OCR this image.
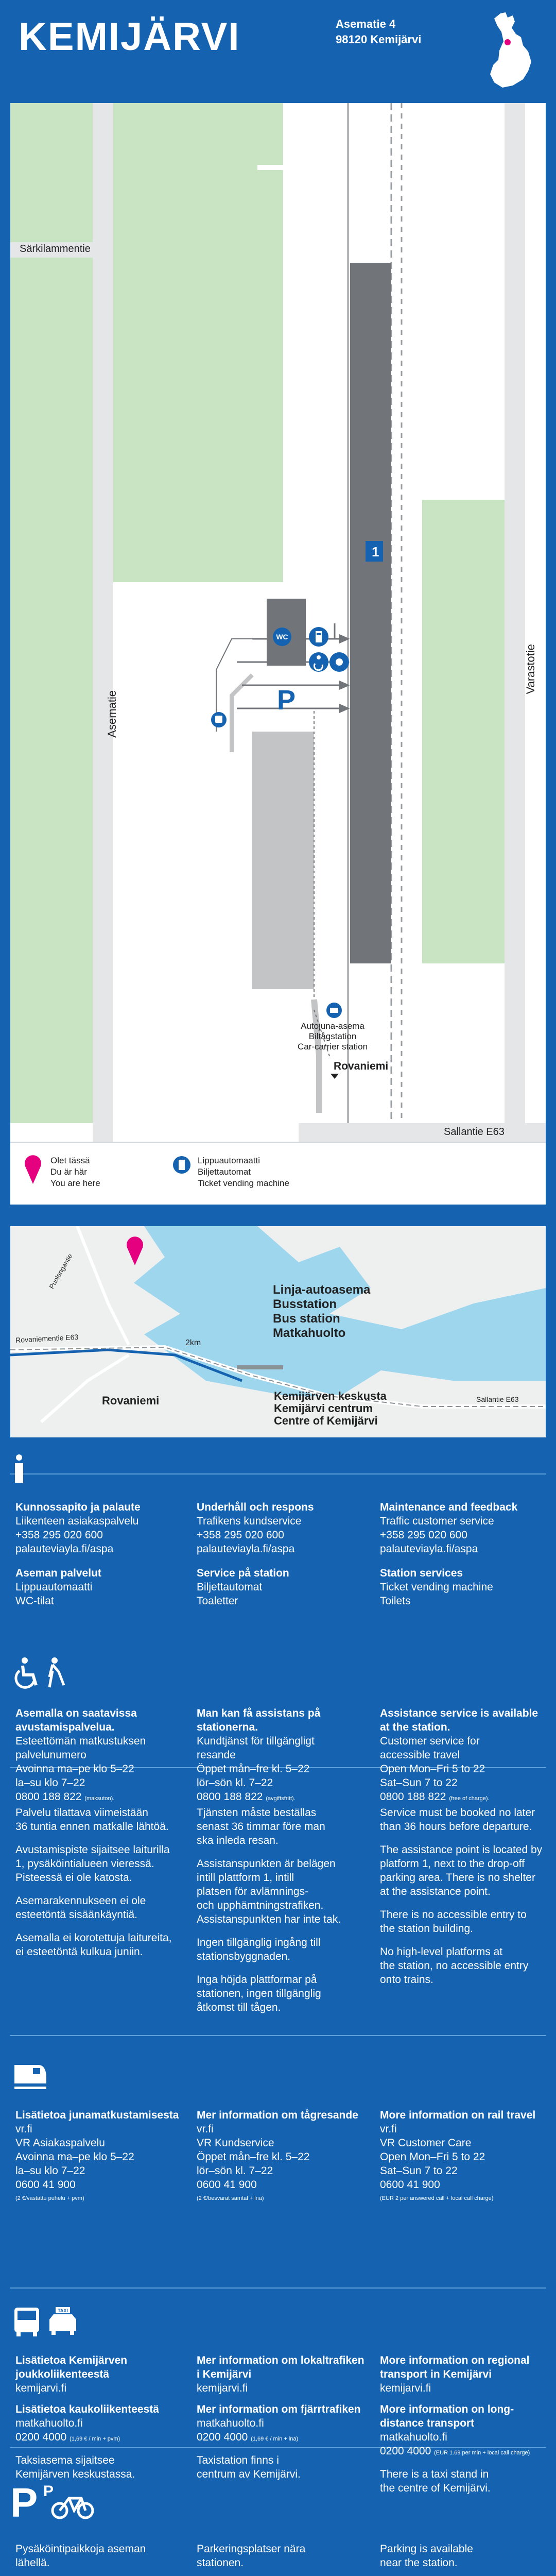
KEMIJÄRVI	Asematie 4
98120 Kemijärvi
Särkilammentie
Asematie
Varastotie
Sallantie E63
1
P
WC
Autojuna-asema
Biltågstation
Car-carrier station
Rovaniemi
Olet tässä
Du är här
You are here
Lippuautomaatti
Biljettautomat
Ticket vending machine
Rovaniementie E63
Sallantie E63
Puolangantie
2km
Linja-autoasema
Busstation
Bus station
Matkahuolto
Kemijärven keskusta
Kemijärvi centrum
Centre of Kemijärvi
Rovaniemi
Kunnossapito ja palaute
Liikenteen asiakaspalvelu
+358 295 020 600
palauteviayla.fi/aspa
Aseman palvelut
Lippuautomaatti
WC-tilat
Underhåll och respons
Trafikens kundservice
+358 295 020 600
palauteviayla.fi/aspa
Service på station
Biljettautomat
Toaletter
Maintenance and feedback
Traffic customer service
+358 295 020 600
palauteviayla.fi/aspa
Station services
Ticket vending machine
Toilets
Asemalla on saatavissa avustamispalvelua.
Esteettömän matkustuksen
palvelunumero
Avoinna ma–pe klo 5–22
la–su klo 7–22
0800 188 822 (maksuton).
Palvelu tilattava viimeistään
36 tuntia ennen matkalle lähtöä.
Avustamispiste sijaitsee laiturilla
1, pysäköintialueen vieressä.
Pisteessä ei ole katosta.
Asemarakennukseen ei ole
esteetöntä sisäänkäyntiä.
Asemalla ei korotettuja laitureita,
ei esteetöntä kulkua juniin.
Man kan få assistans på stationerna.
Kundtjänst för tillgängligt
resande
Öppet mån–fre kl. 5–22
lör–sön kl. 7–22
0800 188 822 (avgiftsfritt).
Tjänsten måste beställas
senast 36 timmar före man
ska inleda resan.
Assistanspunkten är belägen
intill plattform 1, intill
platsen för avlämnings-
och upphämtningstrafiken.
Assistanspunkten har inte tak.
Ingen tillgänglig ingång till
stationsbyggnaden.
Inga höjda plattformar på
stationen, ingen tillgänglig
åtkomst till tågen.
Assistance service is available at the station.
Customer service for
accessible travel
Open Mon–Fri 5 to 22
Sat–Sun 7 to 22
0800 188 822 (free of charge).
Service must be booked no later
than 36 hours before departure.
The assistance point is located by
platform 1, next to the drop-off
parking area. There is no shelter
at the assistance point.
There is no accessible entry to
the station building.
No high-level platforms at
the station, no accessible entry
onto trains.
Lisätietoa junamatkustamisesta
vr.fi
VR Asiakaspalvelu
Avoinna ma–pe klo 5–22
la–su klo 7–22
0600 41 900
(2 €/vastattu puhelu + pvm)
Mer information om tågresande
vr.fi
VR Kundservice
Öppet mån–fre kl. 5–22
lör–sön kl. 7–22
0600 41 900
(2 €/besvarat samtal + lna)
More information on rail travel
vr.fi
VR Customer Care
Open Mon–Fri 5 to 22
Sat–Sun 7 to 22
0600 41 900
(EUR 2 per answered call + local call charge)
TAXI
Lisätietoa Kemijärven joukkoliikenteestä
kemijarvi.fi
Lisätietoa kaukoliikenteestä
matkahuolto.fi
0200 4000 (1,69 € / min + pvm)
Taksiasema sijaitsee
Kemijärven keskustassa.
Mer information om lokaltrafiken i Kemijärvi
kemijarvi.fi
Mer information om fjärrtrafiken
matkahuolto.fi
0200 4000 (1,69 € / min + lna)
Taxistation finns i
centrum av Kemijärvi.
More information on regional transport in Kemijärvi
kemijarvi.fi
More information on long-distance transport
matkahuolto.fi
0200 4000 (EUR 1.69 per min + local call charge)
There is a taxi stand in
the centre of Kemijärvi.
P P
Pysäköintipaikkoja aseman
lähellä.
Parkeringsplatser nära
stationen.
Parking is available
near the station.
